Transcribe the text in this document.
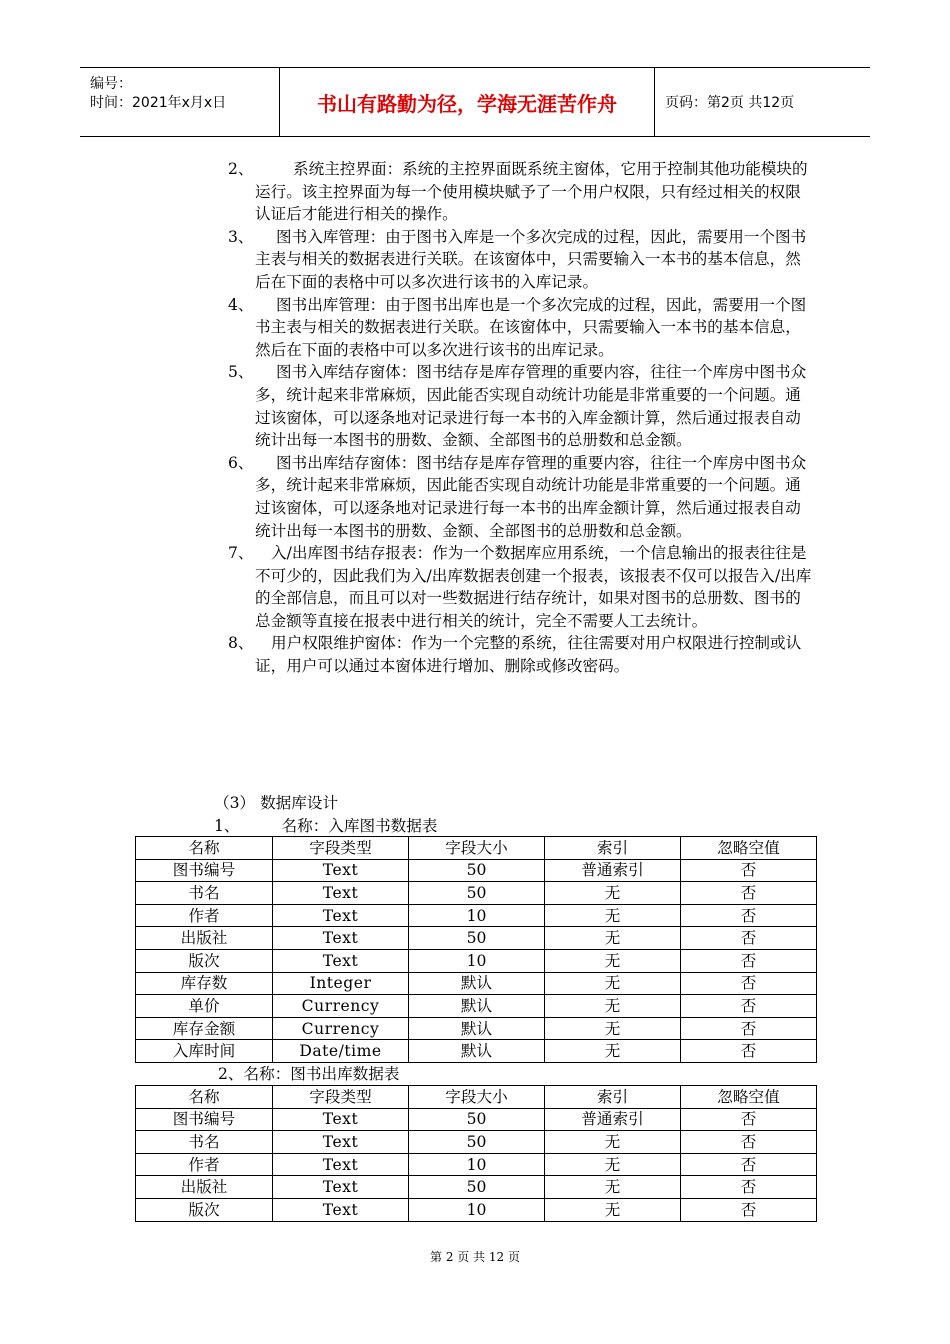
编号：
时间：2021年x月x日	书山有路勤为径，学海无涯苦作舟	页码：第2页 共12页
2、	系统主控界面：系统的主控界面既系统主窗体，它用于控制其他功能模块的运行。该主控界面为每一个使用模块赋予了一个用户权限，只有经过相关的权限认证后才能进行相关的操作。
3、	图书入库管理：由于图书入库是一个多次完成的过程，因此，需要用一个图书主表与相关的数据表进行关联。在该窗体中，只需要输入一本书的基本信息，然后在下面的表格中可以多次进行该书的入库记录。
4、	图书出库管理：由于图书出库也是一个多次完成的过程，因此，需要用一个图书主表与相关的数据表进行关联。在该窗体中，只需要输入一本书的基本信息，然后在下面的表格中可以多次进行该书的出库记录。
5、	图书入库结存窗体：图书结存是库存管理的重要内容，往往一个库房中图书众多，统计起来非常麻烦，因此能否实现自动统计功能是非常重要的一个问题。通过该窗体，可以逐条地对记录进行每一本书的入库金额计算，然后通过报表自动统计出每一本图书的册数、金额、全部图书的总册数和总金额。
6、	图书出库结存窗体：图书结存是库存管理的重要内容，往往一个库房中图书众多，统计起来非常麻烦，因此能否实现自动统计功能是非常重要的一个问题。通过该窗体，可以逐条地对记录进行每一本书的出库金额计算，然后通过报表自动统计出每一本图书的册数、金额、全部图书的总册数和总金额。
7、	入/出库图书结存报表：作为一个数据库应用系统，一个信息输出的报表往往是不可少的，因此我们为入/出库数据表创建一个报表，该报表不仅可以报告入/出库的全部信息，而且可以对一些数据进行结存统计，如果对图书的总册数、图书的总金额等直接在报表中进行相关的统计，完全不需要人工去统计。
8、	用户权限维护窗体：作为一个完整的系统，往往需要对用户权限进行控制或认证，用户可以通过本窗体进行增加、删除或修改密码。
（3） 数据库设计
1、	名称：入库图书数据表
名称	字段类型	字段大小	索引	忽略空值
图书编号	Text	50	普通索引	否
书名	Text	50	无	否
作者	Text	10	无	否
出版社	Text	50	无	否
版次	Text	10	无	否
库存数	Integer	默认	无	否
单价	Currency	默认	无	否
库存金额	Currency	默认	无	否
入库时间	Date/time	默认	无	否
2、名称：图书出库数据表
名称	字段类型	字段大小	索引	忽略空值
图书编号	Text	50	普通索引	否
书名	Text	50	无	否
作者	Text	10	无	否
出版社	Text	50	无	否
版次	Text	10	无	否
第 2 页 共 12 页
